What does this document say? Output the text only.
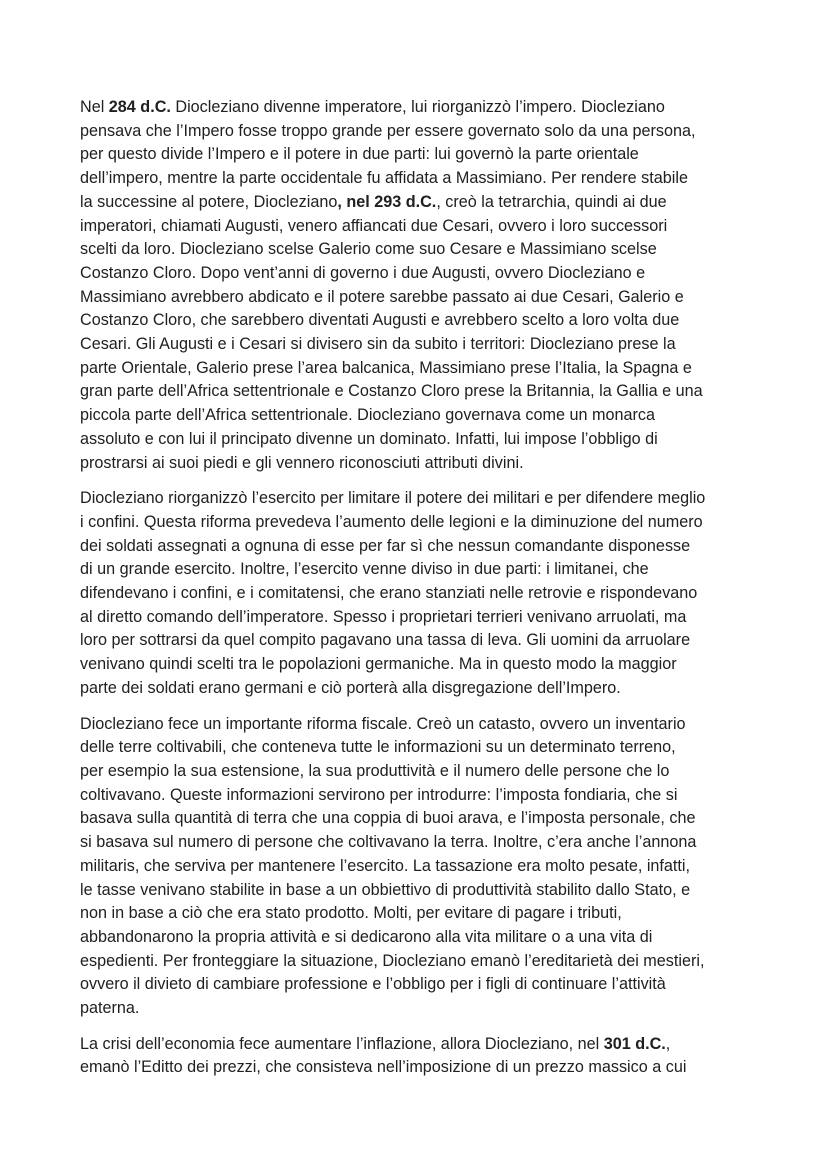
Nel 284 d.C. Diocleziano divenne imperatore, lui riorganizzò l’impero. Diocleziano
pensava che l’Impero fosse troppo grande per essere governato solo da una persona,
per questo divide l’Impero e il potere in due parti: lui governò la parte orientale
dell’impero, mentre la parte occidentale fu affidata a Massimiano. Per rendere stabile
la successine al potere, Diocleziano, nel 293 d.C., creò la tetrarchia, quindi ai due
imperatori, chiamati Augusti, venero affiancati due Cesari, ovvero i loro successori
scelti da loro. Diocleziano scelse Galerio come suo Cesare e Massimiano scelse
Costanzo Cloro. Dopo vent’anni di governo i due Augusti, ovvero Diocleziano e
Massimiano avrebbero abdicato e il potere sarebbe passato ai due Cesari, Galerio e
Costanzo Cloro, che sarebbero diventati Augusti e avrebbero scelto a loro volta due
Cesari. Gli Augusti e i Cesari si divisero sin da subito i territori: Diocleziano prese la
parte Orientale, Galerio prese l’area balcanica, Massimiano prese l’Italia, la Spagna e
gran parte dell’Africa settentrionale e Costanzo Cloro prese la Britannia, la Gallia e una
piccola parte dell’Africa settentrionale. Diocleziano governava come un monarca
assoluto e con lui il principato divenne un dominato. Infatti, lui impose l’obbligo di
prostrarsi ai suoi piedi e gli vennero riconosciuti attributi divini.

Diocleziano riorganizzò l’esercito per limitare il potere dei militari e per difendere meglio
i confini. Questa riforma prevedeva l’aumento delle legioni e la diminuzione del numero
dei soldati assegnati a ognuna di esse per far sì che nessun comandante disponesse
di un grande esercito. Inoltre, l’esercito venne diviso in due parti: i limitanei, che
difendevano i confini, e i comitatensi, che erano stanziati nelle retrovie e rispondevano
al diretto comando dell’imperatore. Spesso i proprietari terrieri venivano arruolati, ma
loro per sottrarsi da quel compito pagavano una tassa di leva. Gli uomini da arruolare
venivano quindi scelti tra le popolazioni germaniche. Ma in questo modo la maggior
parte dei soldati erano germani e ciò porterà alla disgregazione dell’Impero.

Diocleziano fece un importante riforma fiscale. Creò un catasto, ovvero un inventario
delle terre coltivabili, che conteneva tutte le informazioni su un determinato terreno,
per esempio la sua estensione, la sua produttività e il numero delle persone che lo
coltivavano. Queste informazioni servirono per introdurre: l’imposta fondiaria, che si
basava sulla quantità di terra che una coppia di buoi arava, e l’imposta personale, che
si basava sul numero di persone che coltivavano la terra. Inoltre, c’era anche l’annona
militaris, che serviva per mantenere l’esercito. La tassazione era molto pesate, infatti,
le tasse venivano stabilite in base a un obbiettivo di produttività stabilito dallo Stato, e
non in base a ciò che era stato prodotto. Molti, per evitare di pagare i tributi,
abbandonarono la propria attività e si dedicarono alla vita militare o a una vita di
espedienti. Per fronteggiare la situazione, Diocleziano emanò l’ereditarietà dei mestieri,
ovvero il divieto di cambiare professione e l’obbligo per i figli di continuare l’attività
paterna.

La crisi dell’economia fece aumentare l’inflazione, allora Diocleziano, nel 301 d.C.,
emanò l’Editto dei prezzi, che consisteva nell’imposizione di un prezzo massico a cui
